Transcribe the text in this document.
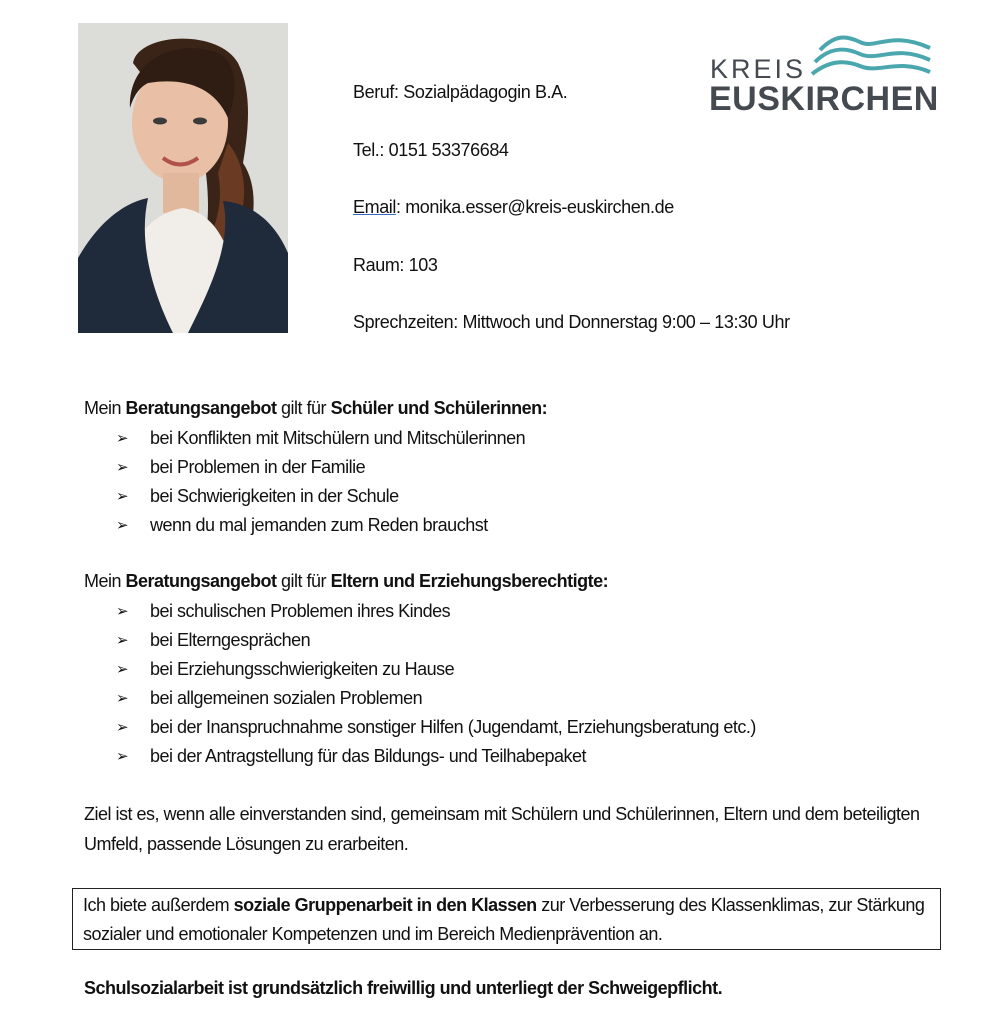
KREIS
EUSKIRCHEN
Beruf: Sozialpädagogin B.A.
Tel.: 0151 53376684
Email: monika.esser@kreis-euskirchen.de
Raum: 103
Sprechzeiten: Mittwoch und Donnerstag 9:00 – 13:30 Uhr
Mein Beratungsangebot gilt für Schüler und Schülerinnen:
➢	bei Konflikten mit Mitschülern und Mitschülerinnen
➢	bei Problemen in der Familie
➢	bei Schwierigkeiten in der Schule
➢	wenn du mal jemanden zum Reden brauchst
Mein Beratungsangebot gilt für Eltern und Erziehungsberechtigte:
➢	bei schulischen Problemen ihres Kindes
➢	bei Elterngesprächen
➢	bei Erziehungsschwierigkeiten zu Hause
➢	bei allgemeinen sozialen Problemen
➢	bei der Inanspruchnahme sonstiger Hilfen (Jugendamt, Erziehungsberatung etc.)
➢	bei der Antragstellung für das Bildungs- und Teilhabepaket
Ziel ist es, wenn alle einverstanden sind, gemeinsam mit Schülern und Schülerinnen, Eltern und dem beteiligten Umfeld, passende Lösungen zu erarbeiten.
Ich biete außerdem soziale Gruppenarbeit in den Klassen zur Verbesserung des Klassenklimas, zur Stärkung sozialer und emotionaler Kompetenzen und im Bereich Medienprävention an.
Schulsozialarbeit ist grundsätzlich freiwillig und unterliegt der Schweigepflicht.
